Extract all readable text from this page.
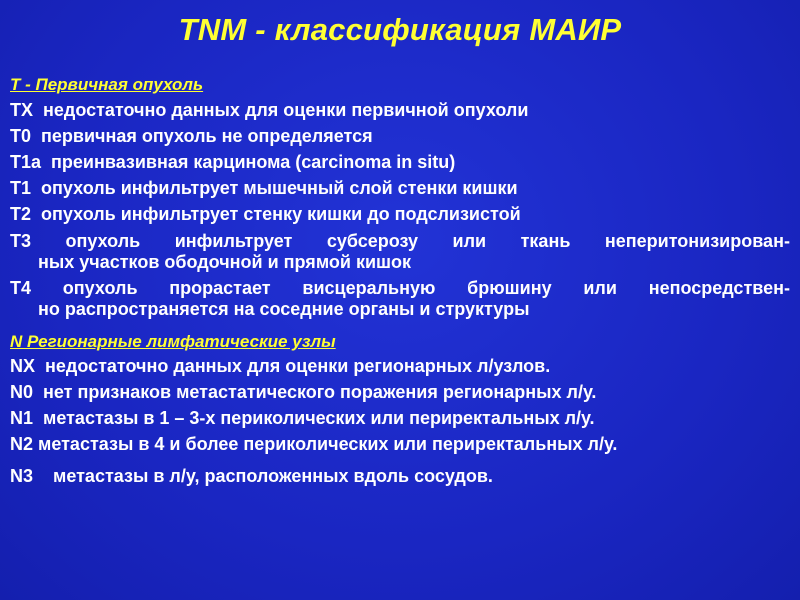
TNM - классификация МАИР
Т - Первичная опухоль
ТХ недостаточно данных для оценки первичной опухоли
Т0 первичная опухоль не определяется
T1a преинвазивная карцинома (carcinoma in situ)
Т1 опухоль инфильтрует мышечный слой стенки кишки
Т2 опухоль инфильтрует стенку кишки до подслизистой
Т3 опухоль инфильтрует субсерозу или ткань неперитонизирован-
ных участков ободочной и прямой кишок
Т4 опухоль прорастает висцеральную брюшину или непосредствен-
но распространяется на соседние органы и структуры
N Регионарные лимфатические узлы
NX недостаточно данных для оценки регионарных л/узлов.
N0 нет признаков метастатического поражения регионарных л/у.
N1 метастазы в 1 – 3-х периколических или периректальных л/у.
N2 метастазы в 4 и более периколических или периректальных л/у.
N3 метастазы в л/у, расположенных вдоль сосудов.
